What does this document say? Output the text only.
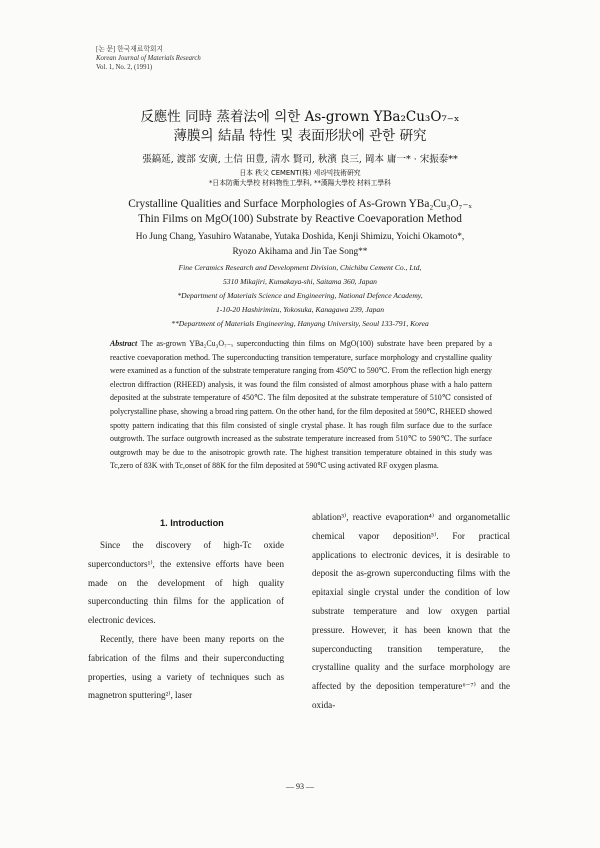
[논 문] 한국재료학회지
Korean Journal of Materials Research
Vol. 1, No. 2, (1991)
反應性 同時 蒸着法에 의한 As-grown YBa₂Cu₃O₇₋ₓ
薄膜의 結晶 特性 및 表面形狀에 관한 硏究
張鎬延, 渡部 安廣, 土信 田豊, 淸水 賢司, 秋濱 良三, 岡本 庸一* · 宋振泰**
日本 秩父 CEMENT(株) 세라믹技術硏究
*日本防衛大學校 材料物性工學科, **漢陽大學校 材料工學科
Crystalline Qualities and Surface Morphologies of As-Grown YBa₂Cu₃O₇₋ₓ
Thin Films on MgO(100) Substrate by Reactive Coevaporation Method
Ho Jung Chang, Yasuhiro Watanabe, Yutaka Doshida, Kenji Shimizu, Yoichi Okamoto*,
Ryozo Akihama and Jin Tae Song**
Fine Ceramics Research and Development Division, Chichibu Cement Co., Ltd,
5310 Mikajiri, Kumakaya-shi, Saitama 360, Japan
*Department of Materials Science and Engineering, National Defence Academy,
1-10-20 Hashirimizu, Yokosuka, Kanagawa 239, Japan
**Department of Materials Engineering, Hanyang University, Seoul 133-791, Korea
Abstract The as-grown YBa₂Cu₃O₇₋ₓ superconducting thin films on MgO(100) substrate have been prepared by a reactive coevaporation method. The superconducting transition temperature, surface morphology and crystalline quality were examined as a function of the substrate temperature ranging from 450℃ to 590℃. From the reflection high energy electron diffraction (RHEED) analysis, it was found the film consisted of almost amorphous phase with a halo pattern deposited at the substrate temperature of 450℃. The film deposited at the substrate temperature of 510℃ consisted of polycrystalline phase, showing a broad ring pattern. On the other hand, for the film deposited at 590℃, RHEED showed spotty pattern indicating that this film consisted of single crystal phase. It has rough film surface due to the surface outgrowth. The surface outgrowth increased as the substrate temperature increased from 510℃ to 590℃. The surface outgrowth may be due to the anisotropic growth rate. The highest transition temperature obtained in this study was Tc,zero of 83K with Tc,onset of 88K for the film deposited at 590℃ using activated RF oxygen plasma.
1. Introduction

Since the discovery of high-Tc oxide superconductors¹⁾, the extensive efforts have been made on the development of high quality superconducting thin films for the application of electronic devices.

Recently, there have been many reports on the fabrication of the films and their superconducting properties, using a variety of techniques such as magnetron sputtering²⁾, laser

ablation³⁾, reactive evaporation⁴⁾ and organometallic chemical vapor deposition⁵⁾. For practical applications to electronic devices, it is desirable to deposit the as-grown superconducting films with the epitaxial single crystal under the condition of low substrate temperature and low oxygen partial pressure. However, it has been known that the superconducting transition temperature, the crystalline quality and the surface morphology are affected by the deposition temperature⁶⁻⁷⁾ and the oxida-

— 93 —
